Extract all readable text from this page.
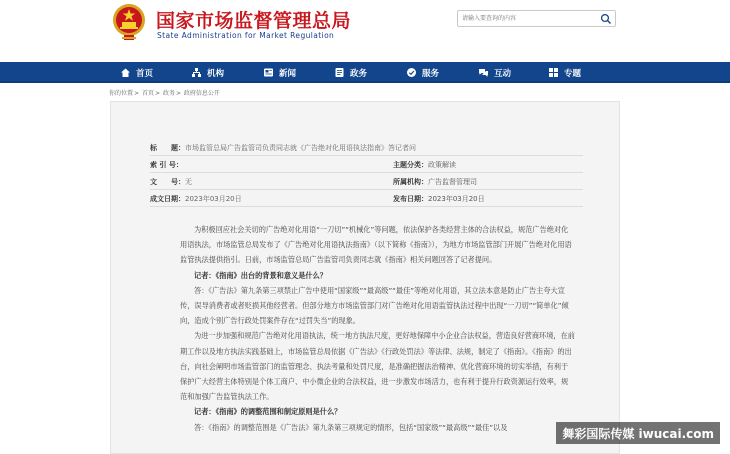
国家市场监督管理总局
State Administration for Market Regulation
请输入要查询的内容
首页	机构	新闻	政务	服务	互动	专题
你的位置> 首页> 政务> 政府信息公开
标　　题：市场监管总局广告监管司负责同志就《广告绝对化用语执法指南》答记者问
索 引 号：	主题分类：政策解读
文　　号：无	所属机构：广告监督管理司
成文日期：2023年03月20日	发布日期：2023年03月20日

为积极回应社会关切的广告绝对化用语“一刀切”“机械化”等问题，依法保护各类经营主体的合法权益，规范广告绝对化用语执法，市场监管总局发布了《广告绝对化用语执法指南》（以下简称《指南》），为地方市场监管部门开展广告绝对化用语监管执法提供指引。日前，市场监管总局广告监管司负责同志就《指南》相关问题回答了记者提问。

记者：《指南》出台的背景和意义是什么？

答：《广告法》第九条第三项禁止广告中使用“国家级”“最高级”“最佳”等绝对化用语，其立法本意是防止广告主夸大宣传，误导消费者或者贬损其他经营者。但部分地方市场监管部门对广告绝对化用语监管执法过程中出现“一刀切”“简单化”倾向，造成个别广告行政处罚案件存在“过罚失当”的现象。

为进一步加强和规范广告绝对化用语执法，统一地方执法尺度，更好地保障中小企业合法权益，营造良好营商环境，在前期工作以及地方执法实践基础上，市场监管总局依据《广告法》《行政处罚法》等法律、法规，制定了《指南》。《指南》的出台，向社会阐明市场监管部门的监管理念、执法考量和处罚尺度，是准确把握法治精神、优化营商环境的切实举措，有利于保护广大经营主体特别是个体工商户、中小微企业的合法权益，进一步激发市场活力，也有利于提升行政资源运行效率，规范和加强广告监管执法工作。

记者：《指南》的调整范围和制定原则是什么？

答：《指南》的调整范围是《广告法》第九条第三项规定的情形，包括“国家级”“最高级”“最佳”以及	舞彩国际传媒 iwucai.com
